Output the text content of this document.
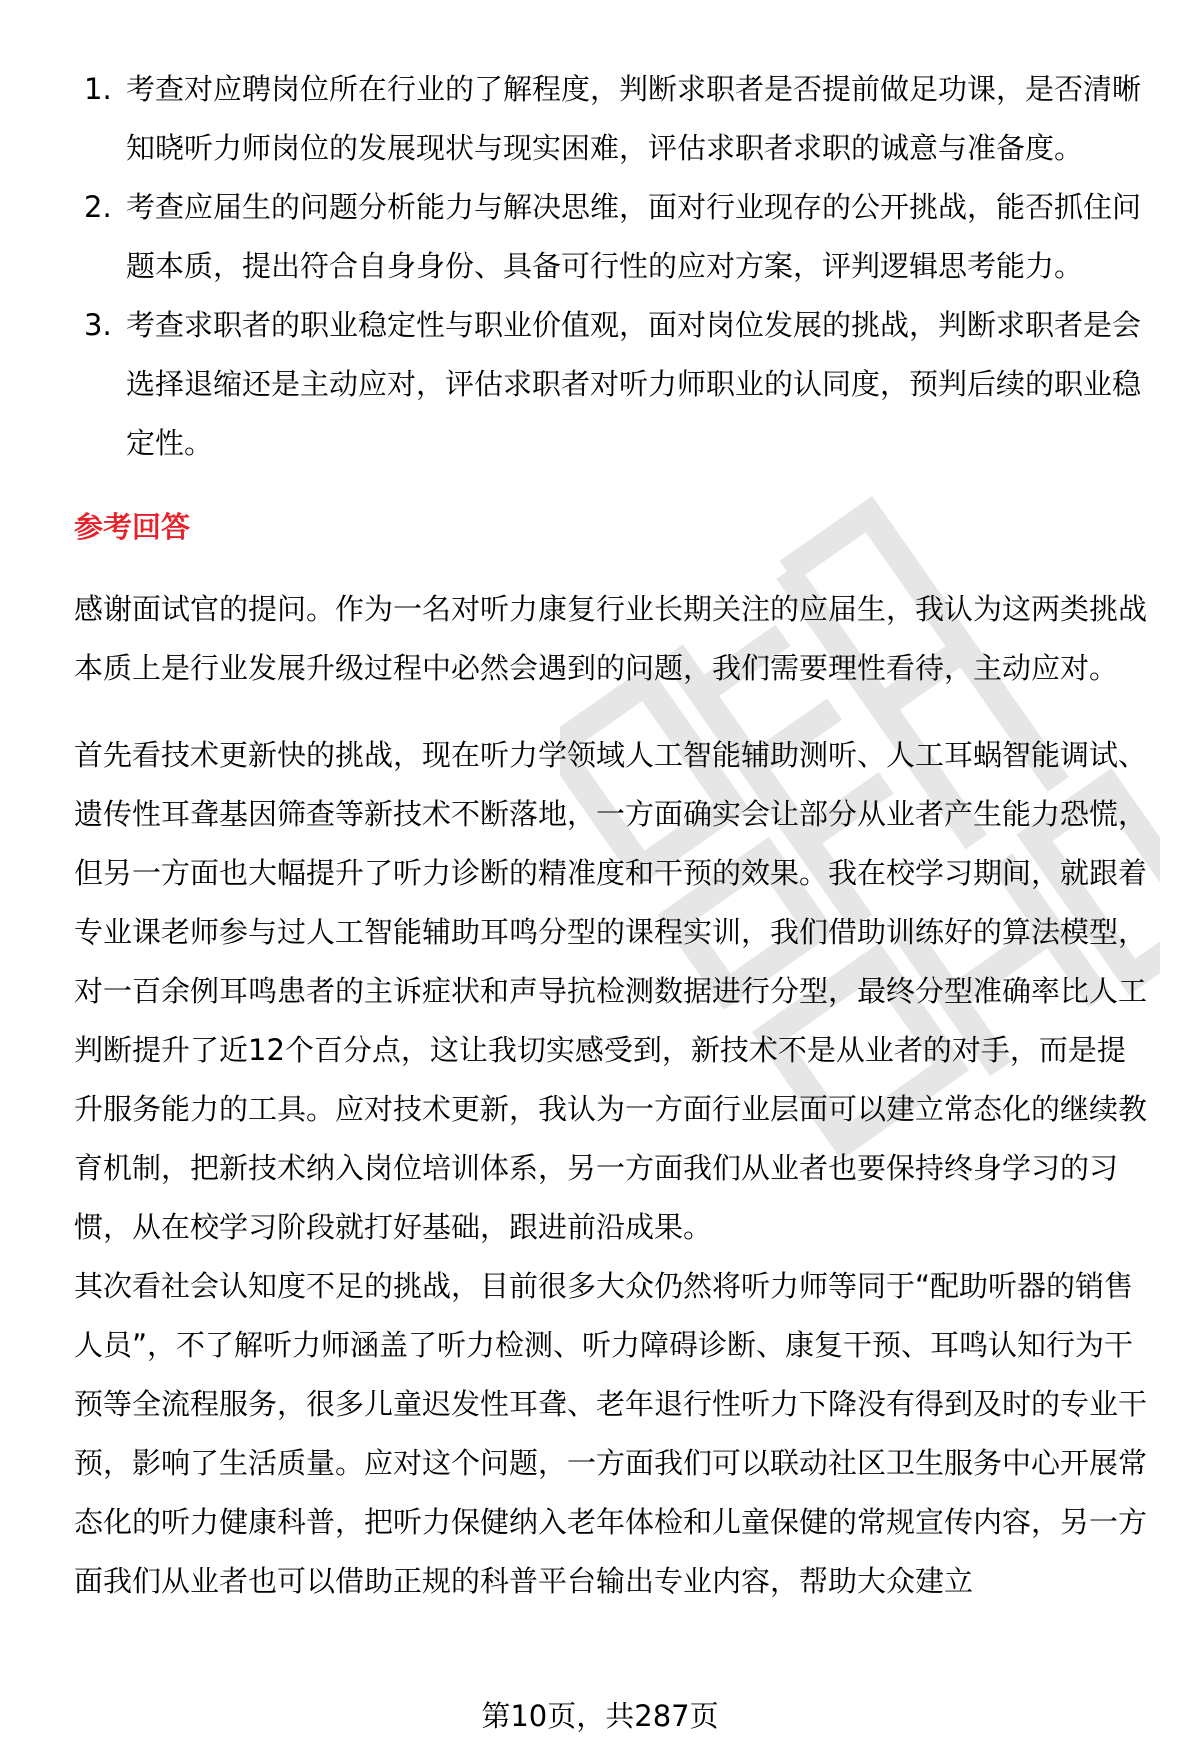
1. 考查对应聘岗位所在行业的了解程度，判断求职者是否提前做足功课，是否清晰知晓听力师岗位的发展现状与现实困难，评估求职者求职的诚意与准备度。
2. 考查应届生的问题分析能力与解决思维，面对行业现存的公开挑战，能否抓住问题本质，提出符合自身身份、具备可行性的应对方案，评判逻辑思考能力。
3. 考查求职者的职业稳定性与职业价值观，面对岗位发展的挑战，判断求职者是会选择退缩还是主动应对，评估求职者对听力师职业的认同度，预判后续的职业稳定性。
参考回答

感谢面试官的提问。作为一名对听力康复行业长期关注的应届生，我认为这两类挑战本质上是行业发展升级过程中必然会遇到的问题，我们需要理性看待，主动应对。

首先看技术更新快的挑战，现在听力学领域人工智能辅助测听、人工耳蜗智能调试、遗传性耳聋基因筛查等新技术不断落地，一方面确实会让部分从业者产生能力恐慌，但另一方面也大幅提升了听力诊断的精准度和干预的效果。我在校学习期间，就跟着专业课老师参与过人工智能辅助耳鸣分型的课程实训，我们借助训练好的算法模型，对一百余例耳鸣患者的主诉症状和声导抗检测数据进行分型，最终分型准确率比人工判断提升了近12个百分点，这让我切实感受到，新技术不是从业者的对手，而是提升服务能力的工具。应对技术更新，我认为一方面行业层面可以建立常态化的继续教育机制，把新技术纳入岗位培训体系，另一方面我们从业者也要保持终身学习的习惯，从在校学习阶段就打好基础，跟进前沿成果。

其次看社会认知度不足的挑战，目前很多大众仍然将听力师等同于“配助听器的销售人员”，不了解听力师涵盖了听力检测、听力障碍诊断、康复干预、耳鸣认知行为干预等全流程服务，很多儿童迟发性耳聋、老年退行性听力下降没有得到及时的专业干预，影响了生活质量。应对这个问题，一方面我们可以联动社区卫生服务中心开展常态化的听力健康科普，把听力保健纳入老年体检和儿童保健的常规宣传内容，另一方面我们从业者也可以借助正规的科普平台输出专业内容，帮助大众建立

第10页，共287页
